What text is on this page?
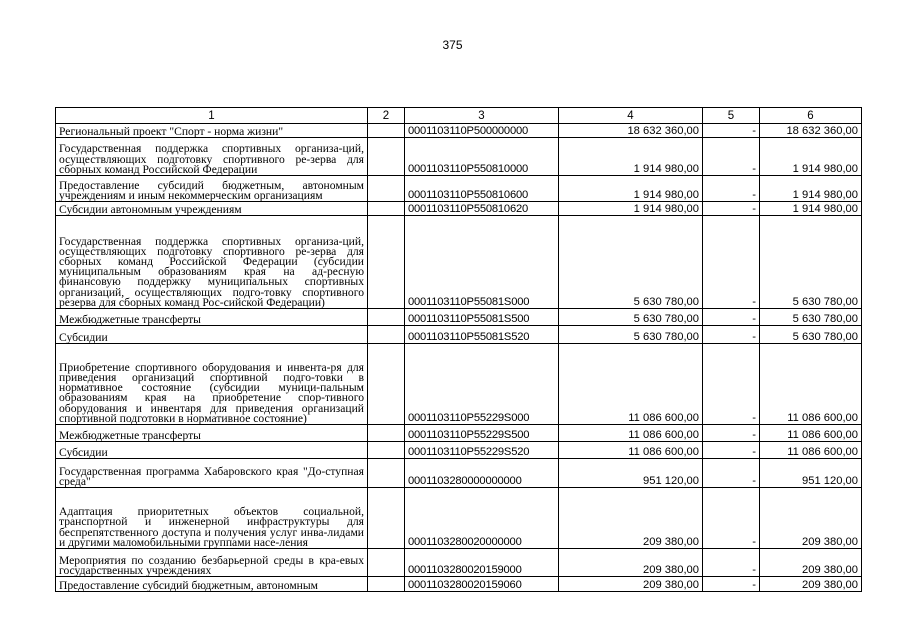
375
1	2	3	4	5	6
Региональный проект "Спорт - норма жизни"		0001103110P500000000	18 632 360,00	-	18 632 360,00
Государственная поддержка спортивных организа-ций, осуществляющих подготовку спортивного ре-зерва для сборных команд Российской Федерации		0001103110P550810000	1 914 980,00	-	1 914 980,00
Предоставление субсидий бюджетным, автономным учреждениям и иным некоммерческим организациям		0001103110P550810600	1 914 980,00	-	1 914 980,00
Субсидии автономным учреждениям		0001103110P550810620	1 914 980,00	-	1 914 980,00
Государственная поддержка спортивных организа-ций, осуществляющих подготовку спортивного ре-зерва для сборных команд Российской Федерации (субсидии муниципальным образованиям края на ад-ресную финансовую поддержку муниципальных спортивных организаций, осуществляющих подго-товку спортивного резерва для сборных команд Рос-сийской Федерации)		0001103110P55081S000	5 630 780,00	-	5 630 780,00
Межбюджетные трансферты		0001103110P55081S500	5 630 780,00	-	5 630 780,00
Субсидии		0001103110P55081S520	5 630 780,00	-	5 630 780,00
Приобретение спортивного оборудования и инвента-ря для приведения организаций спортивной подго-товки в нормативное состояние (субсидии муници-пальным образованиям края на приобретение спор-тивного оборудования и инвентаря для приведения организаций спортивной подготовки в нормативное состояние)		0001103110P55229S000	11 086 600,00	-	11 086 600,00
Межбюджетные трансферты		0001103110P55229S500	11 086 600,00	-	11 086 600,00
Субсидии		0001103110P55229S520	11 086 600,00	-	11 086 600,00
Государственная программа Хабаровского края "До-ступная среда"		0001103280000000000	951 120,00	-	951 120,00
Адаптация приоритетных объектов социальной, транспортной и инженерной инфраструктуры для беспрепятственного доступа и получения услуг инва-лидами и другими маломобильными группами насе-ления		0001103280020000000	209 380,00	-	209 380,00
Мероприятия по созданию безбарьерной среды в кра-евых государственных учреждениях		0001103280020159000	209 380,00	-	209 380,00
Предоставление субсидий бюджетным, автономным		0001103280020159060	209 380,00	-	209 380,00
